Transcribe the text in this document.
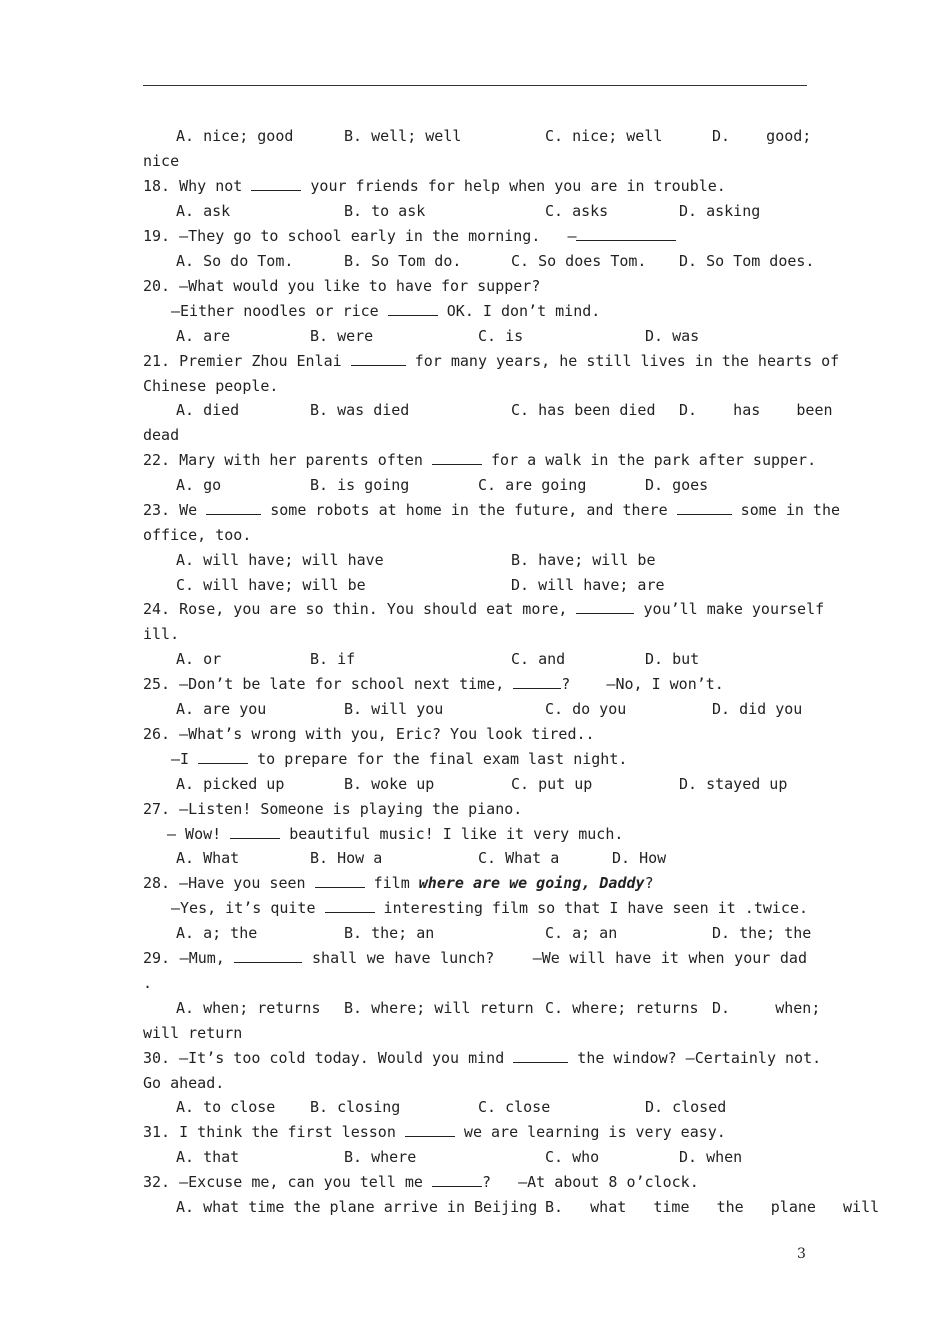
A. nice; good

	B. well; well

	C. nice; well

	D.    good;

nice
18. Why not	your friends for help when you are in trouble.

A. ask

	B. to ask

	C. asks

	D. asking

19. —They go to school early in the morning.   —

A. So do Tom.

	B. So Tom do.

	C. So does Tom.

D. So Tom does.

20. —What would you like to have for supper?
—Either noodles or rice	OK. I don’t mind.

A. are

	B. were

	C. is

	D. was

21. Premier Zhou Enlai	for many years, he still lives in the hearts of
Chinese people.

A. died

	B. was died

	C. has been died

D.    has    been

dead
22. Mary with her parents often	for a walk in the park after supper.

A. go

	B. is going

	C. are going

	D. goes

23. We	some robots at home in the future, and there	some in the
office, too.

A. will have; will have

	B. have; will be

C. will have; will be

	D. will have; are

24. Rose, you are so thin. You should eat more,	you’ll make yourself
ill.

A. or

	B. if

	C. and

	D. but

25. —Don’t be late for school next time,	?    —No, I won’t.

A. are you

	B. will you

	C. do you

	D. did you

26. —What’s wrong with you, Eric? You look tired..
—I	to prepare for the final exam last night.

A. picked up

	B. woke up

	C. put up

	D. stayed up

27. —Listen! Someone is playing the piano.
— Wow!	beautiful music! I like it very much.

A. What

	B. How a

	C. What a

	D. How

28. —Have you seen	film where are we going, Daddy?
—Yes, it’s quite	interesting film so that I have seen it .twice.

A. a; the

	B. the; an

	C. a; an

	D. the; the

29. —Mum,	shall we have lunch?    —We will have it when your dad
.

A. when; returns

B. where; will return

C. where; returns

D.     when;

will return
30. —It’s too cold today. Would you mind	the window? —Certainly not.
Go ahead.

A. to close

B. closing

	C. close

	D. closed

31. I think the first lesson	we are learning is very easy.

A. that

	B. where

	C. who

	D. when

32. —Excuse me, can you tell me	?   —At about 8 o’clock.

A. what time the plane arrive in Beijing

B.   what   time   the   plane   will

3
